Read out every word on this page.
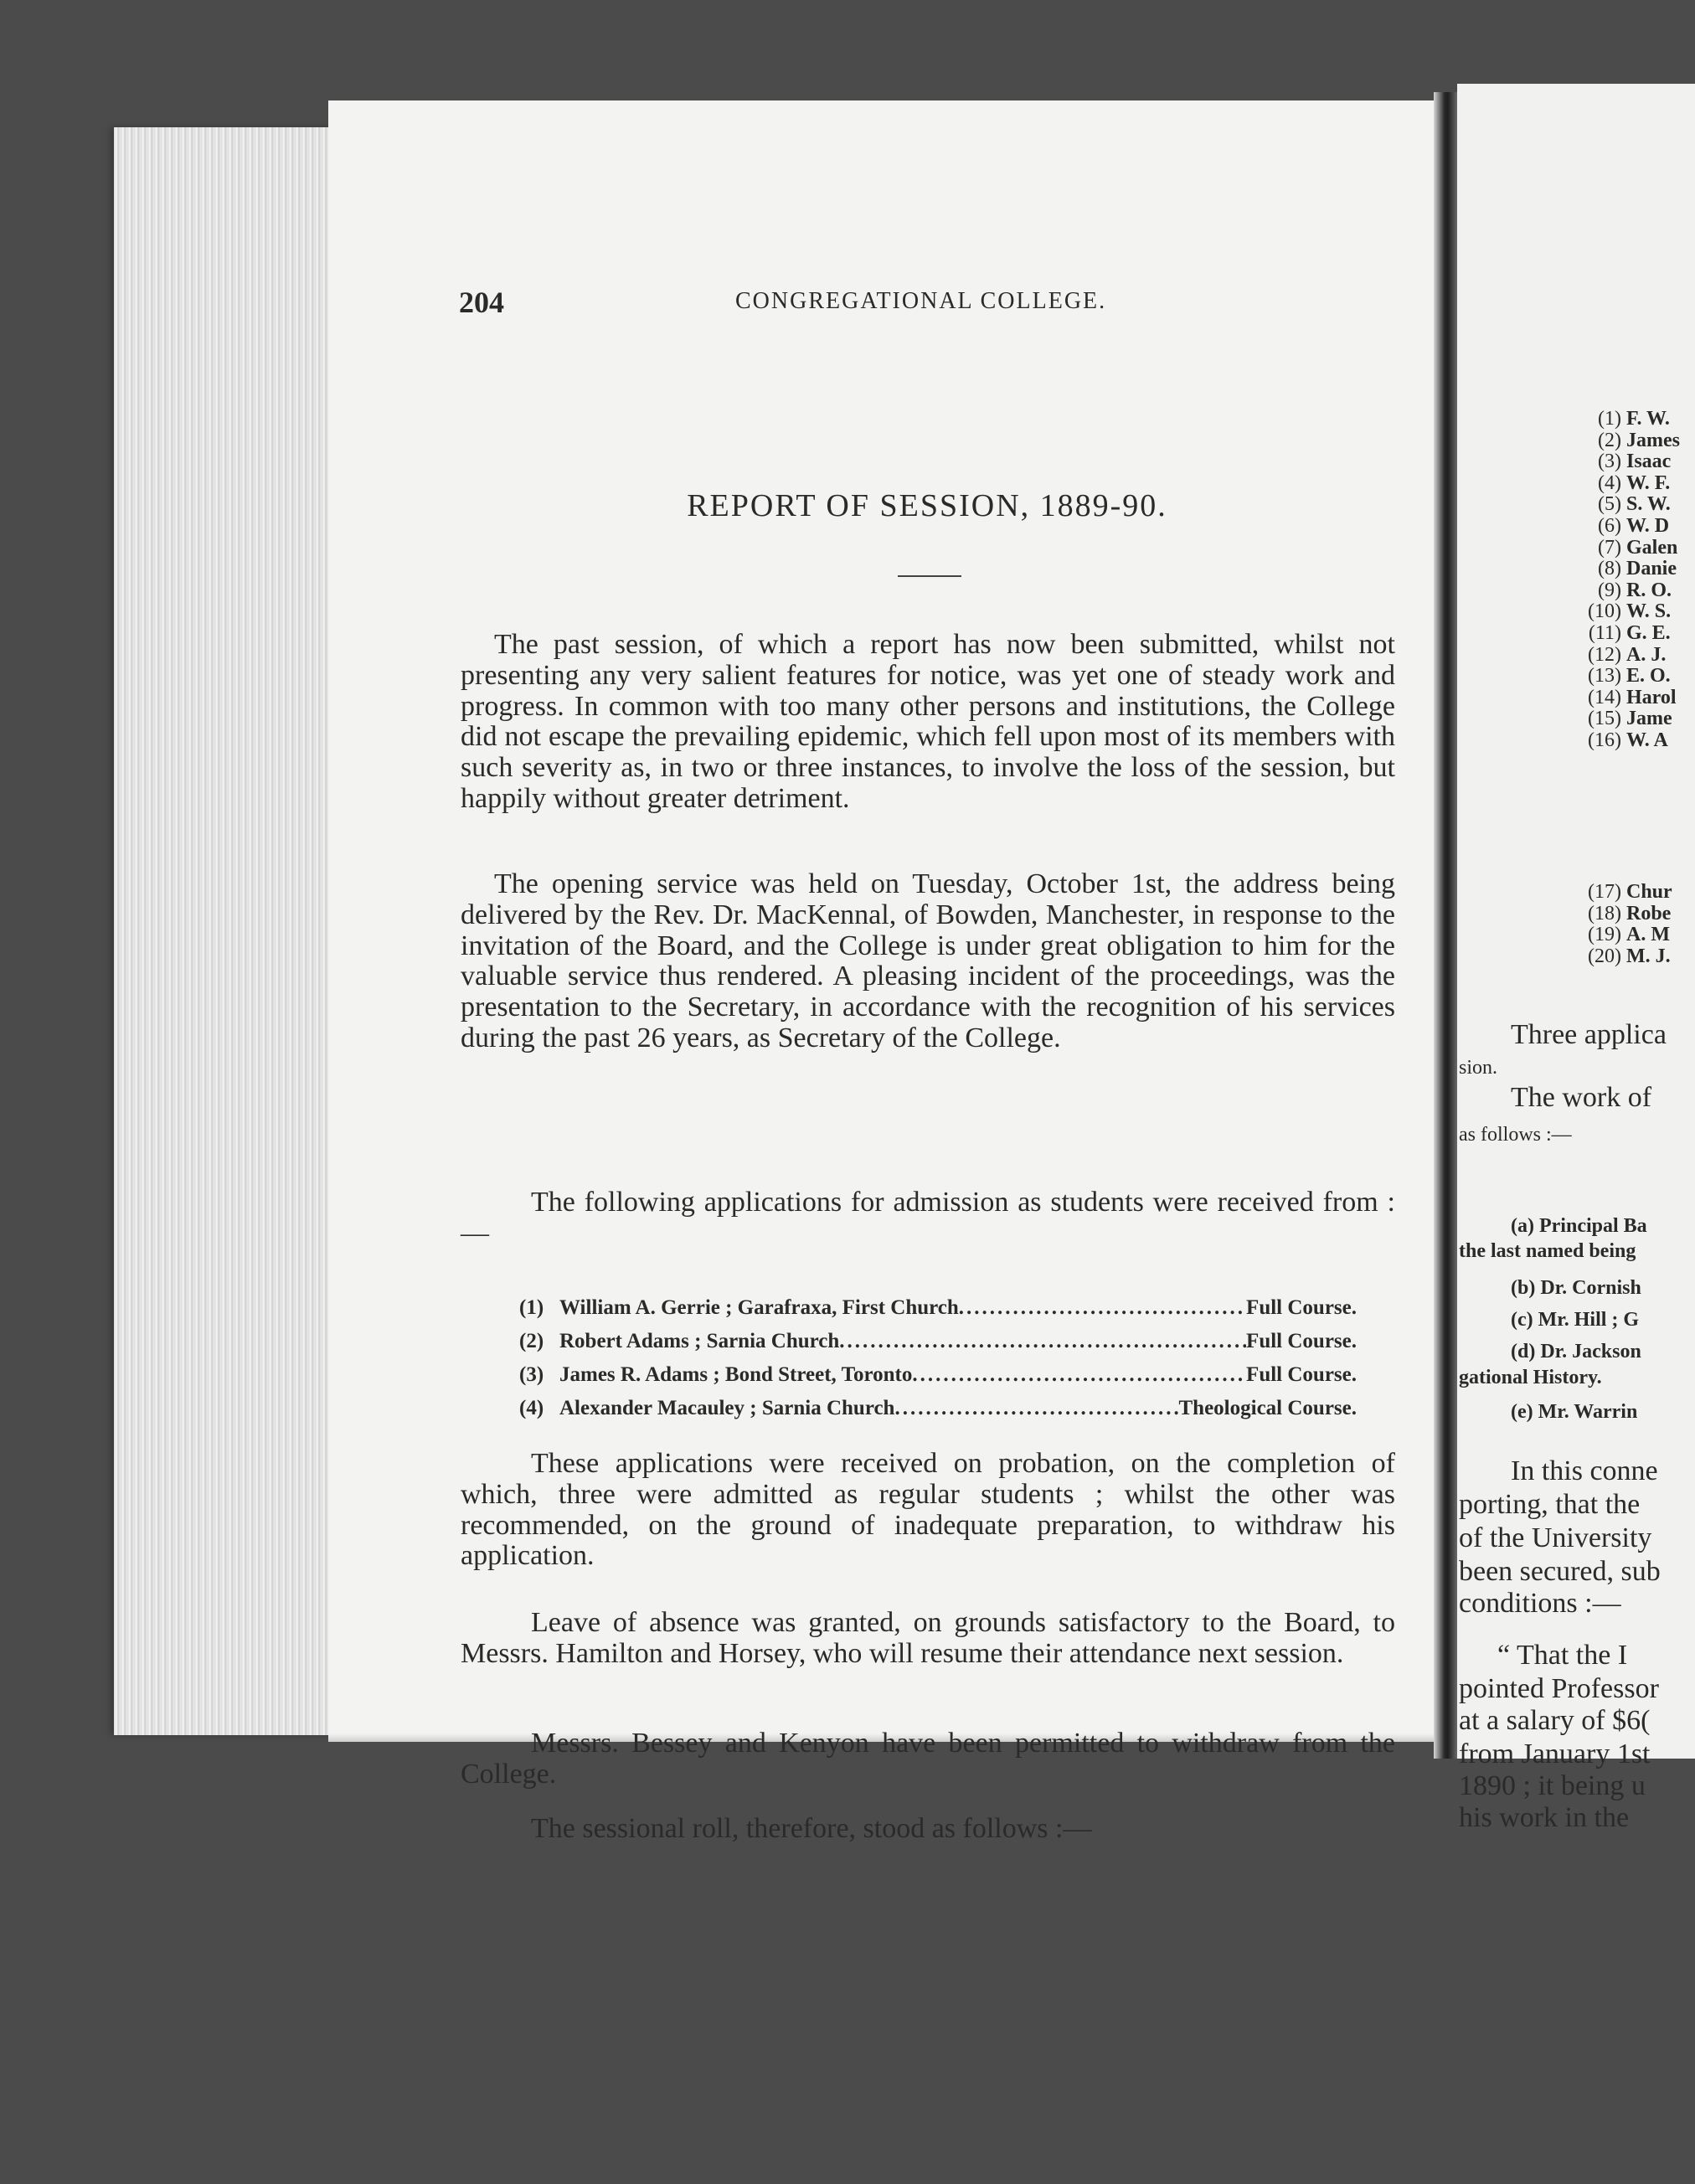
204	CONGREGATIONAL COLLEGE.
REPORT OF SESSION, 1889-90.

The past session, of which a report has now been submitted, whilst not presenting any very salient features for notice, was yet one of steady work and progress. In common with too many other persons and institutions, the College did not escape the prevailing epidemic, which fell upon most of its members with such severity as, in two or three instances, to involve the loss of the session, but happily without greater detriment.

The opening service was held on Tuesday, October 1st, the address being delivered by the Rev. Dr. MacKennal, of Bowden, Manchester, in response to the invitation of the Board, and the College is under great obligation to him for the valuable service thus rendered. A pleasing incident of the proceedings, was the presentation to the Secretary, in accordance with the recognition of his services during the past 26 years, as Secretary of the College.

The following applications for admission as students were received from :—

(1) William A. Gerrie ; Garafraxa, First Church .....	Full Course.
(2) Robert Adams ; Sarnia Church .....	Full Course.
(3) James R. Adams ; Bond Street, Toronto .....	Full Course.
(4) Alexander Macauley ; Sarnia Church .....	Theological Course.

These applications were received on probation, on the completion of which, three were admitted as regular students ; whilst the other was recommended, on the ground of inadequate preparation, to withdraw his application.

Leave of absence was granted, on grounds satisfactory to the Board, to Messrs. Hamilton and Horsey, who will resume their attendance next session.

Messrs. Bessey and Kenyon have been permitted to withdraw from the College.

The sessional roll, therefore, stood as follows :—

(1) F. W.
(2) James
(3) Isaac
(4) W. F.
(5) S. W.
(6) W. D
(7) Galen
(8) Danie
(9) R. O.
(10) W. S.
(11) G. E.
(12) A. J.
(13) E. O.
(14) Harol
(15) Jame
(16) W. A
(17) Chur
(18) Robe
(19) A. M
(20) M. J.
Three applica
sion.
The work of
as follows :—
(a) Principal Ba
the last named being
(b) Dr. Cornish
(c) Mr. Hill ; G
(d) Dr. Jackson
gational History.
(e) Mr. Warrin
In this conne
porting, that the
of the University
been secured, sub
conditions :—
“ That the I
pointed Professor
at a salary of $6(
from January 1st
1890 ; it being u
his work in the
